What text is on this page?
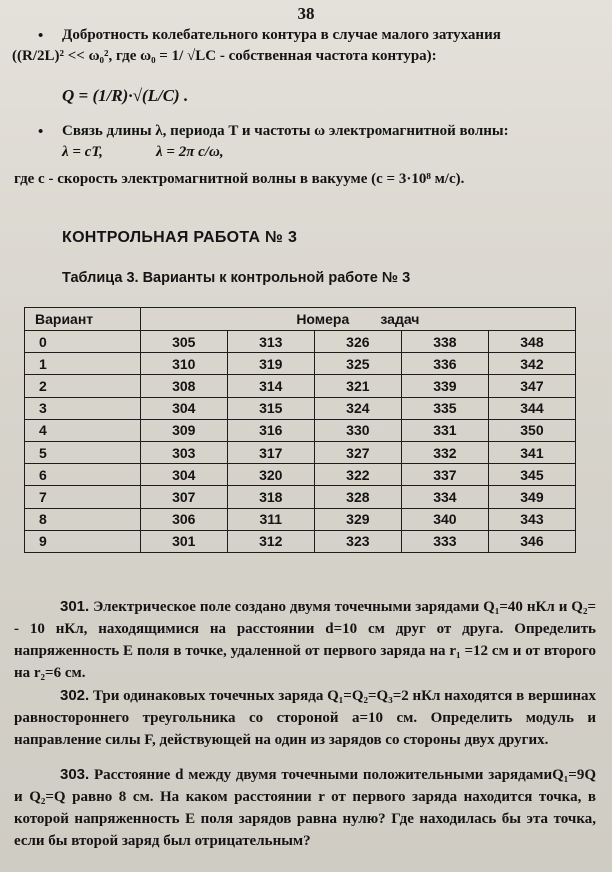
38
• Добротность колебательного контура в случае малого затухания
((R/2L)² << ω₀², где ω₀ = 1/ √LC - собственная частота контура):
Q = (1/R)·√(L/C) .
• Связь длины λ, периода T и частоты ω электромагнитной волны:
λ = cT,	λ = 2π c/ω,
где c - скорость электромагнитной волны в вакууме (c = 3·10⁸ м/с).
КОНТРОЛЬНАЯ РАБОТА № 3
Таблица 3. Варианты к контрольной работе № 3
Вариант	Номера        задач				
0	305	313	326	338	348
1	310	319	325	336	342
2	308	314	321	339	347
3	304	315	324	335	344
4	309	316	330	331	350
5	303	317	327	332	341
6	304	320	322	337	345
7	307	318	328	334	349
8	306	311	329	340	343
9	301	312	323	333	346
301. Электрическое поле создано двумя точечными зарядами Q₁=40 нКл и Q₂= - 10 нКл, находящимися на расстоянии d=10 см друг от друга. Определить напряженность E поля в точке, удаленной от первого заряда на r₁ =12 см и от второго на r₂=6 см.
302. Три одинаковых точечных заряда Q₁=Q₂=Q₃=2 нКл находятся в вершинах равностороннего треугольника со стороной a=10 см. Определить модуль и направление силы F, действующей на один из зарядов со стороны двух других.
303. Расстояние d между двумя точечными положительными зарядамиQ₁=9Q и Q₂=Q равно 8 см. На каком расстоянии r от первого заряда находится точка, в которой напряженность E поля зарядов равна нулю? Где находилась бы эта точка, если бы второй заряд был отрицательным?
